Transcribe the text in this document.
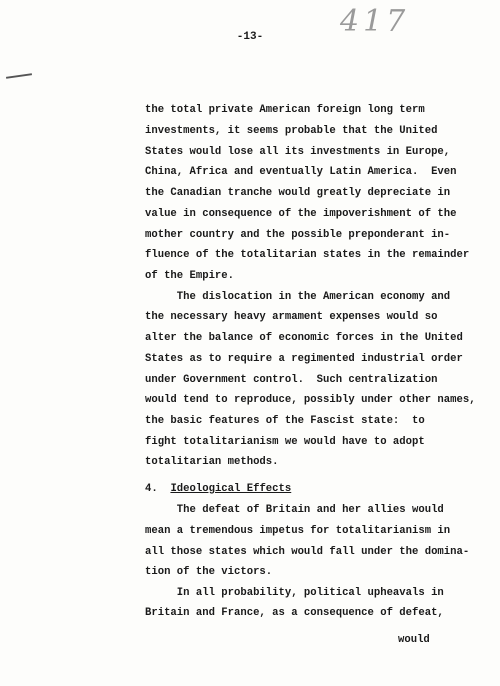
417
-13-
the total private American foreign long term
investments, it seems probable that the United
States would lose all its investments in Europe,
China, Africa and eventually Latin America.  Even
the Canadian tranche would greatly depreciate in
value in consequence of the impoverishment of the
mother country and the possible preponderant in-
fluence of the totalitarian states in the remainder
of the Empire.
The dislocation in the American economy and
the necessary heavy armament expenses would so
alter the balance of economic forces in the United
States as to require a regimented industrial order
under Government control.  Such centralization
would tend to reproduce, possibly under other names,
the basic features of the Fascist state:  to
fight totalitarianism we would have to adopt
totalitarian methods.
4. Ideological Effects
The defeat of Britain and her allies would
mean a tremendous impetus for totalitarianism in
all those states which would fall under the domina-
tion of the victors.
In all probability, political upheavals in
Britain and France, as a consequence of defeat,
would
